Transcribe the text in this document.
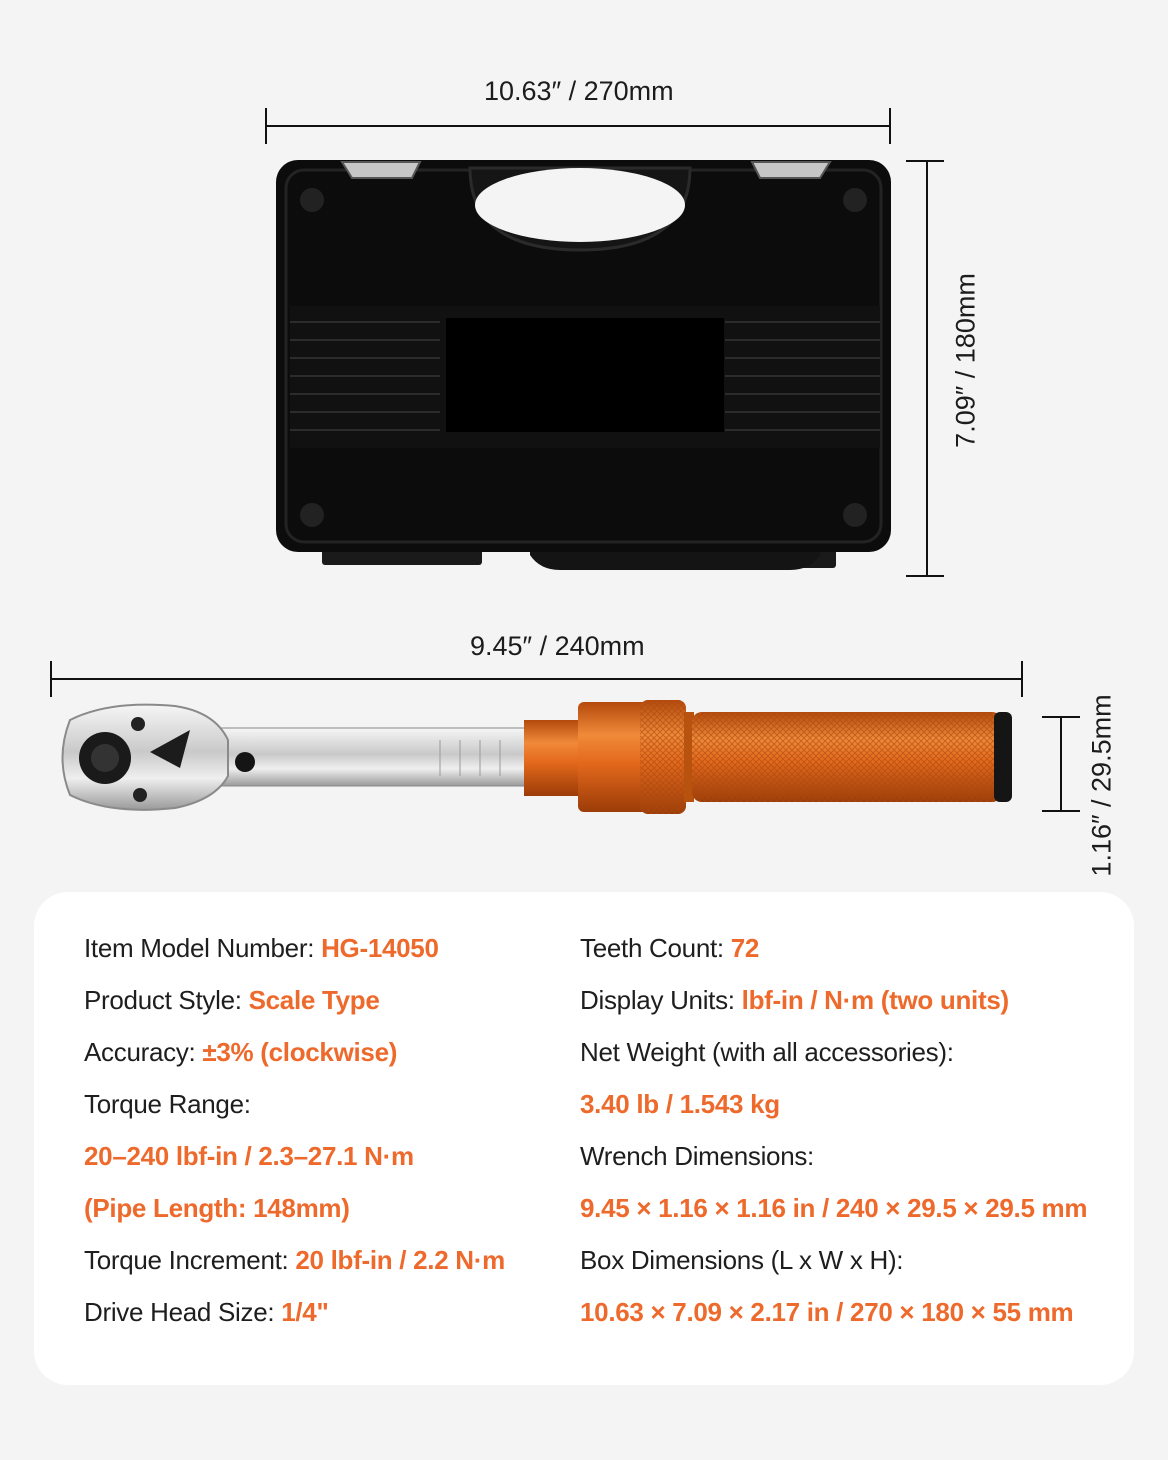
10.63″ / 270mm
7.09″ / 180mm
9.45″ / 240mm
1.16″ / 29.5mm
Item Model Number: HG-14050
Product Style: Scale Type
Accuracy: ±3% (clockwise)
Torque Range:
20–240 lbf-in / 2.3–27.1 N·m
(Pipe Length: 148mm)
Torque Increment: 20 lbf-in / 2.2 N·m
Drive Head Size: 1/4"
Teeth Count: 72
Display Units: lbf-in / N·m (two units)
Net Weight (with all accessories):
3.40 lb / 1.543 kg
Wrench Dimensions:
9.45 × 1.16 × 1.16 in / 240 × 29.5 × 29.5 mm
Box Dimensions (L x W x H):
10.63 × 7.09 × 2.17 in / 270 × 180 × 55 mm
